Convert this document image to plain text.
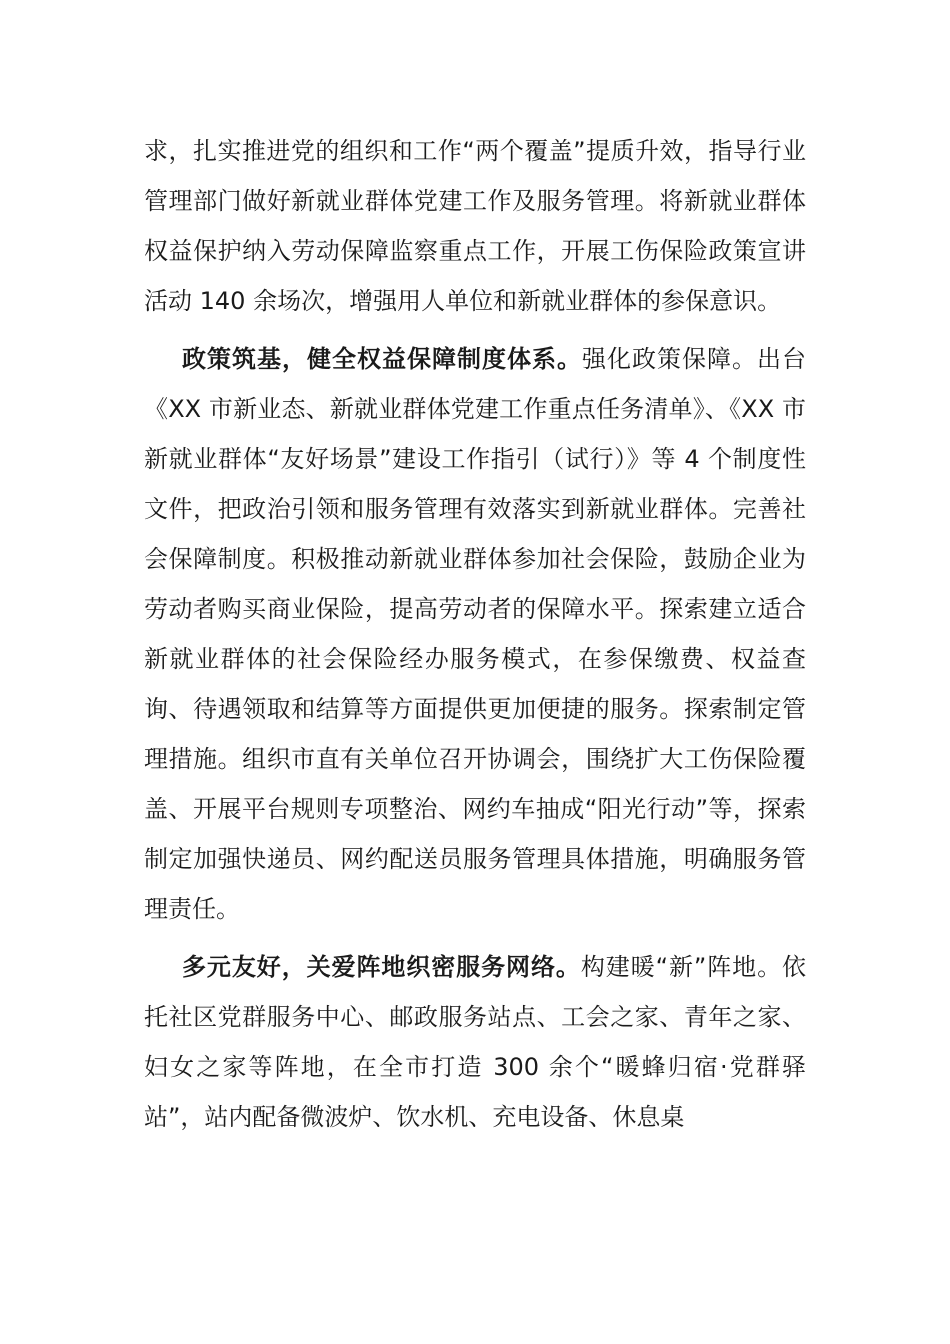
求，扎实推进党的组织和工作“两个覆盖”提质升效，指导行业管理部门做好新就业群体党建工作及服务管理。将新就业群体权益保护纳入劳动保障监察重点工作，开展工伤保险政策宣讲活动 140 余场次，增强用人单位和新就业群体的参保意识。

政策筑基，健全权益保障制度体系。强化政策保障。出台《XX 市新业态、新就业群体党建工作重点任务清单》、《XX 市新就业群体“友好场景”建设工作指引（试行）》等 4 个制度性文件，把政治引领和服务管理有效落实到新就业群体。完善社会保障制度。积极推动新就业群体参加社会保险，鼓励企业为劳动者购买商业保险，提高劳动者的保障水平。探索建立适合新就业群体的社会保险经办服务模式，在参保缴费、权益查询、待遇领取和结算等方面提供更加便捷的服务。探索制定管理措施。组织市直有关单位召开协调会，围绕扩大工伤保险覆盖、开展平台规则专项整治、网约车抽成“阳光行动”等，探索制定加强快递员、网约配送员服务管理具体措施，明确服务管理责任。

多元友好，关爱阵地织密服务网络。构建暖“新”阵地。依托社区党群服务中心、邮政服务站点、工会之家、青年之家、妇女之家等阵地，在全市打造 300 余个“暖蜂归宿·党群驿站”，站内配备微波炉、饮水机、充电设备、休息桌
